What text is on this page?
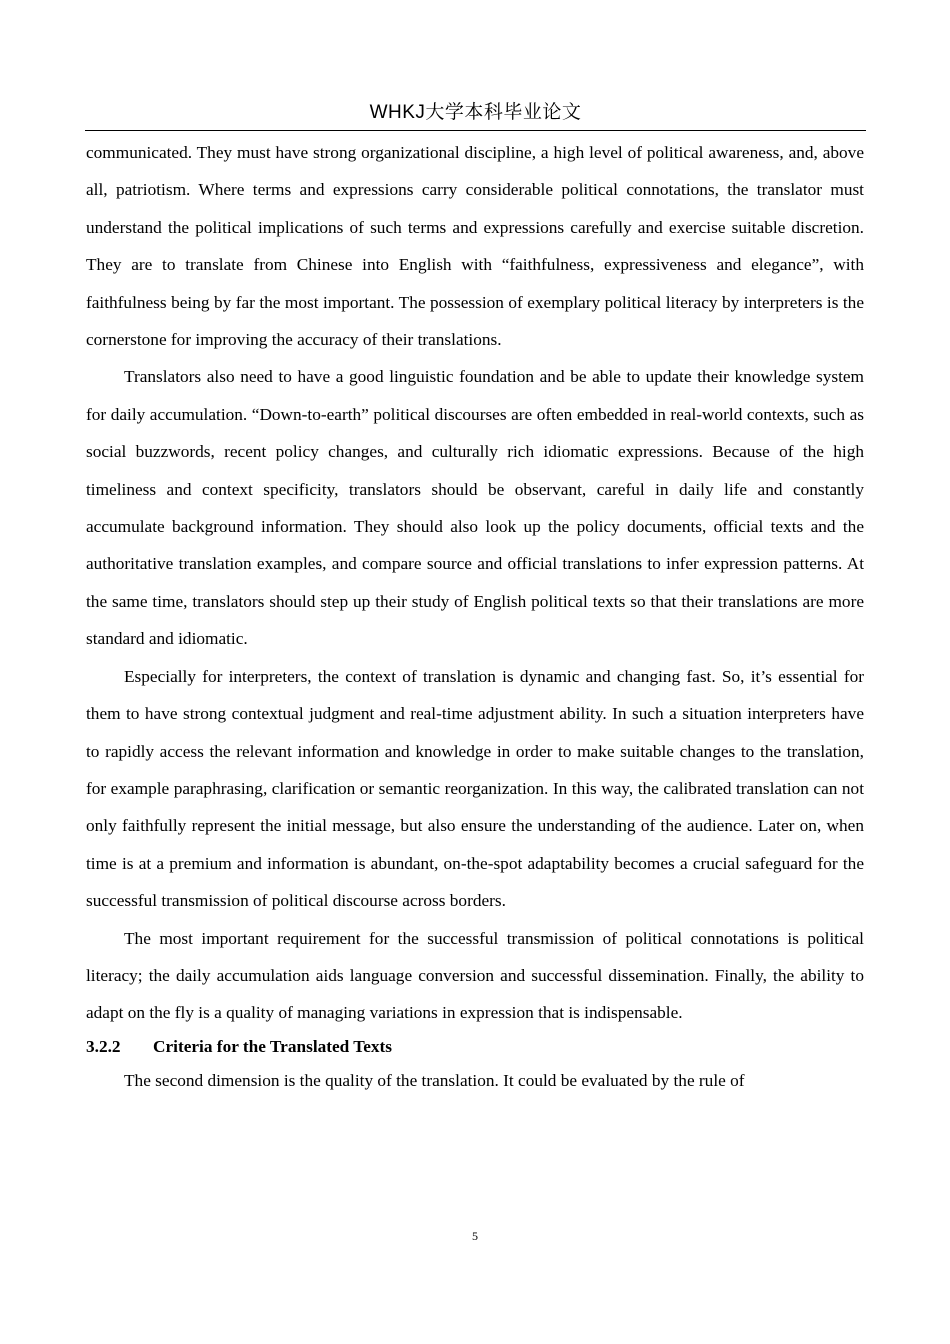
WHKJ大学本科毕业论文

communicated. They must have strong organizational discipline, a high level of political awareness, and, above all, patriotism. Where terms and expressions carry considerable political connotations, the translator must understand the political implications of such terms and expressions carefully and exercise suitable discretion. They are to translate from Chinese into English with “faithfulness, expressiveness and elegance”, with faithfulness being by far the most important. The possession of exemplary political literacy by interpreters is the cornerstone for improving the accuracy of their translations.

Translators also need to have a good linguistic foundation and be able to update their knowledge system for daily accumulation. “Down-to-earth” political discourses are often embedded in real-world contexts, such as social buzzwords, recent policy changes, and culturally rich idiomatic expressions. Because of the high timeliness and context specificity, translators should be observant, careful in daily life and constantly accumulate background information. They should also look up the policy documents, official texts and the authoritative translation examples, and compare source and official translations to infer expression patterns. At the same time, translators should step up their study of English political texts so that their translations are more standard and idiomatic.

Especially for interpreters, the context of translation is dynamic and changing fast. So, it’s essential for them to have strong contextual judgment and real-time adjustment ability. In such a situation interpreters have to rapidly access the relevant information and knowledge in order to make suitable changes to the translation, for example paraphrasing, clarification or semantic reorganization. In this way, the calibrated translation can not only faithfully represent the initial message, but also ensure the understanding of the audience. Later on, when time is at a premium and information is abundant, on-the-spot adaptability becomes a crucial safeguard for the successful transmission of political discourse across borders.

The most important requirement for the successful transmission of political connotations is political literacy; the daily accumulation aids language conversion and successful dissemination. Finally, the ability to adapt on the fly is a quality of managing variations in expression that is indispensable.

3.2.2 Criteria for the Translated Texts

The second dimension is the quality of the translation. It could be evaluated by the rule of

5
